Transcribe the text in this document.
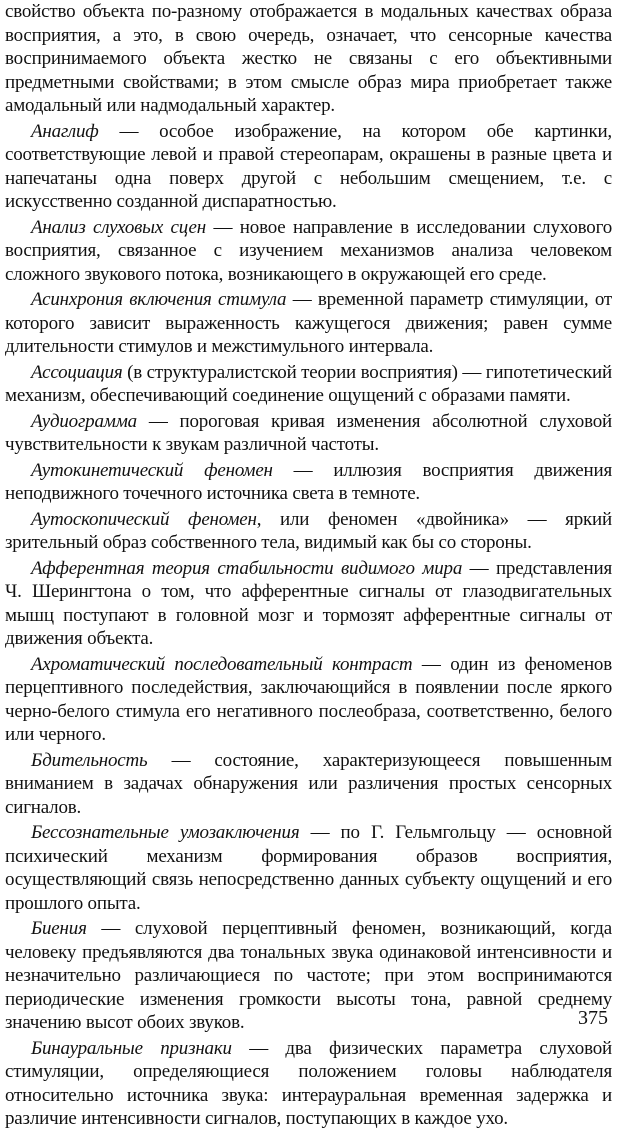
свойство объекта по-разному отображается в модальных качествах образа восприятия, а это, в свою очередь, означает, что сенсорные качества воспринимаемого объекта жестко не связаны с его объективными предметными свойствами; в этом смысле образ мира приобретает также амодальный или надмодальный характер.

Анаглиф — особое изображение, на котором обе картинки, соответствующие левой и правой стереопарам, окрашены в разные цвета и напечатаны одна поверх другой с небольшим смещением, т.е. с искусственно созданной диспаратностью.

Анализ слуховых сцен — новое направление в исследовании слухового восприятия, связанное с изучением механизмов анализа человеком сложного звукового потока, возникающего в окружающей его среде.

Асинхрония включения стимула — временной параметр стимуляции, от которого зависит выраженность кажущегося движения; равен сумме длительности стимулов и межстимульного интервала.

Ассоциация (в структуралистской теории восприятия) — гипотетический механизм, обеспечивающий соединение ощущений с образами памяти.

Аудиограмма — пороговая кривая изменения абсолютной слуховой чувствительности к звукам различной частоты.

Аутокинетический феномен — иллюзия восприятия движения неподвижного точечного источника света в темноте.

Аутоскопический феномен, или феномен «двойника» — яркий зрительный образ собственного тела, видимый как бы со стороны.

Афферентная теория стабильности видимого мира — представления Ч. Шерингтона о том, что афферентные сигналы от глазодвигательных мышц поступают в головной мозг и тормозят афферентные сигналы от движения объекта.

Ахроматический последовательный контраст — один из феноменов перцептивного последействия, заключающийся в появлении после яркого черно-белого стимула его негативного послеобраза, соответственно, белого или черного.

Бдительность — состояние, характеризующееся повышенным вниманием в задачах обнаружения или различения простых сенсорных сигналов.

Бессознательные умозаключения — по Г. Гельмгольцу — основной психический механизм формирования образов восприятия, осуществляющий связь непосредственно данных субъекту ощущений и его прошлого опыта.

Биения — слуховой перцептивный феномен, возникающий, когда человеку предъявляются два тональных звука одинаковой интенсивности и незначительно различающиеся по частоте; при этом воспринимаются периодические изменения громкости высоты тона, равной среднему значению высот обоих звуков.

Бинауральные признаки — два физических параметра слуховой стимуляции, определяющиеся положением головы наблюдателя относительно источника звука: интерауральная временная задержка и различие интенсивности сигналов, поступающих в каждое ухо.

375
